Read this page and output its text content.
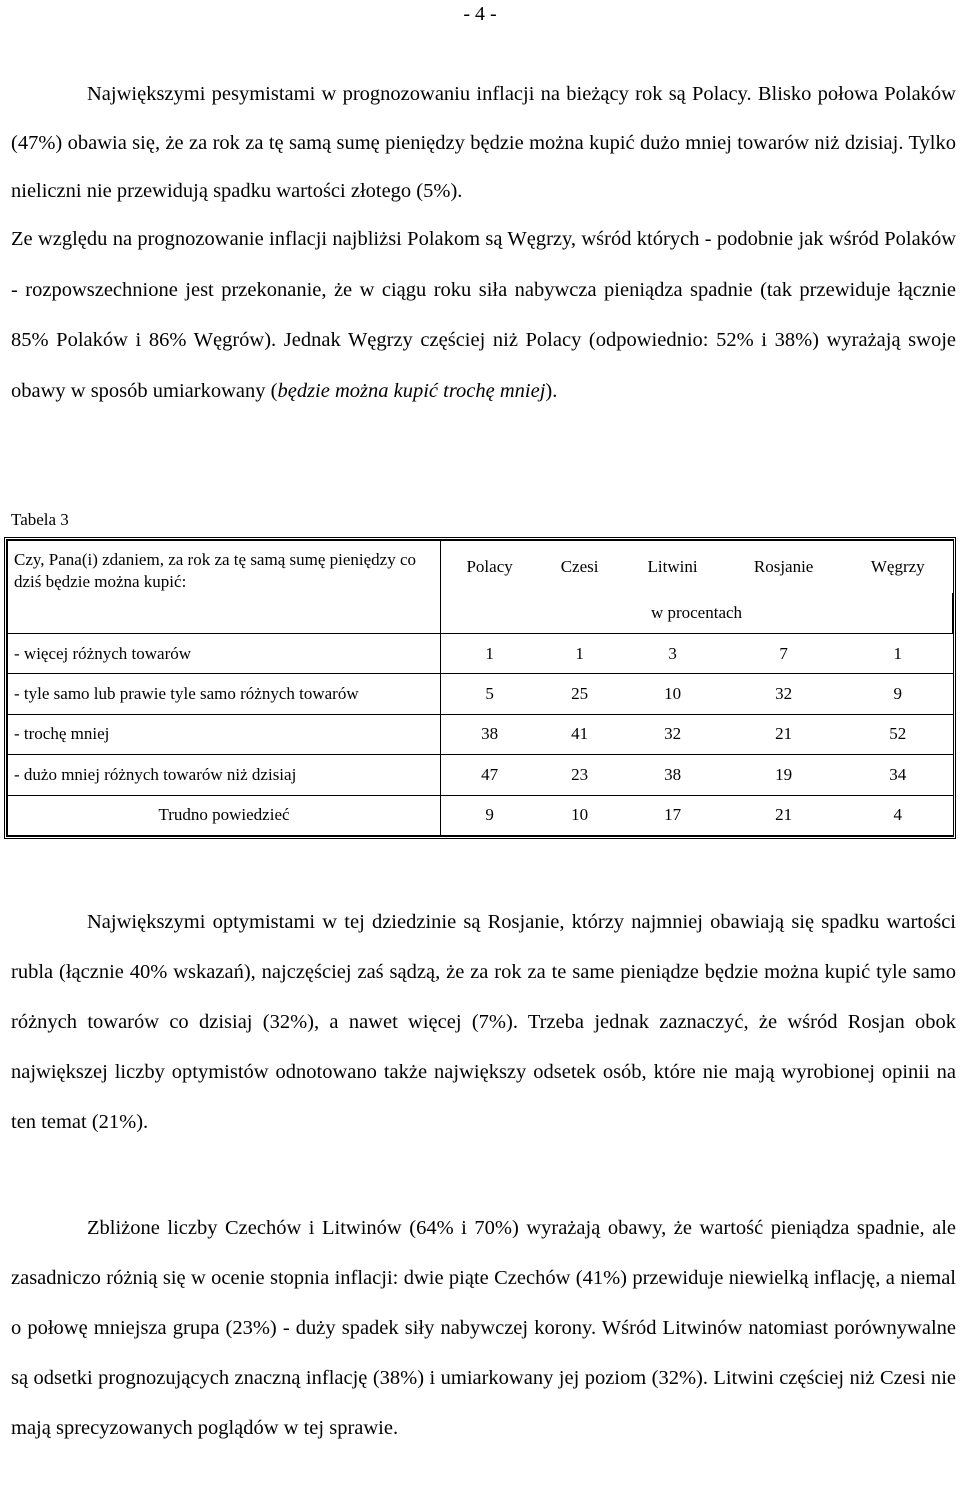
- 4 -

Największymi pesymistami w prognozowaniu inflacji na bieżący rok są Polacy. Blisko połowa Polaków (47%) obawia się, że za rok za tę samą sumę pieniędzy będzie można kupić dużo mniej towarów niż dzisiaj. Tylko nieliczni nie przewidują spadku wartości złotego (5%).

Ze względu na prognozowanie inflacji najbliżsi Polakom są Węgrzy, wśród których - podobnie jak wśród Polaków - rozpowszechnione jest przekonanie, że w ciągu roku siła nabywcza pieniądza spadnie (tak przewiduje łącznie 85% Polaków i 86% Węgrów). Jednak Węgrzy częściej niż Polacy (odpowiednio: 52% i 38%) wyrażają swoje obawy w sposób umiarkowany (będzie można kupić trochę mniej).

Tabela 3
Czy, Pana(i) zdaniem, za rok za tę samą sumę pieniędzy co dziś będzie można kupić:	Polacy	Czesi	Litwini	Rosjanie	Węgrzy
	w procentach				
- więcej różnych towarów	1	1	3	7	1
- tyle samo lub prawie tyle samo różnych towarów	5	25	10	32	9
- trochę mniej	38	41	32	21	52
- dużo mniej różnych towarów niż dzisiaj	47	23	38	19	34
Trudno powiedzieć	9	10	17	21	4

Największymi optymistami w tej dziedzinie są Rosjanie, którzy najmniej obawiają się spadku wartości rubla (łącznie 40% wskazań), najczęściej zaś sądzą, że za rok za te same pieniądze będzie można kupić tyle samo różnych towarów co dzisiaj (32%), a nawet więcej (7%). Trzeba jednak zaznaczyć, że wśród Rosjan obok największej liczby optymistów odnotowano także największy odsetek osób, które nie mają wyrobionej opinii na ten temat (21%).

Zbliżone liczby Czechów i Litwinów (64% i 70%) wyrażają obawy, że wartość pieniądza spadnie, ale zasadniczo różnią się w ocenie stopnia inflacji: dwie piąte Czechów (41%) przewiduje niewielką inflację, a niemal o połowę mniejsza grupa (23%) - duży spadek siły nabywczej korony. Wśród Litwinów natomiast porównywalne są odsetki prognozujących znaczną inflację (38%) i umiarkowany jej poziom (32%). Litwini częściej niż Czesi nie mają sprecyzowanych poglądów w tej sprawie.
